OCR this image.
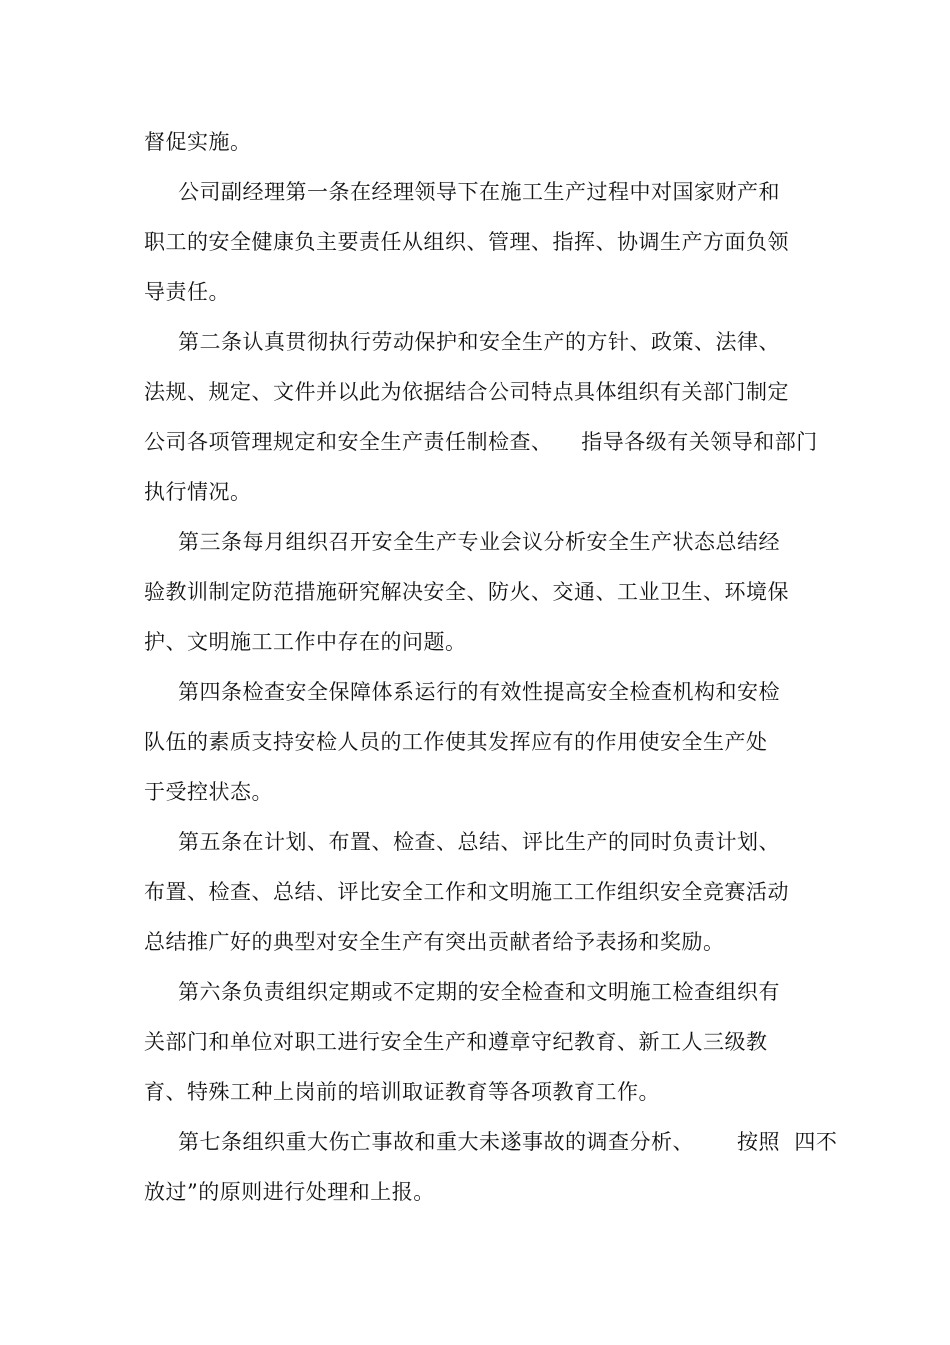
督促实施。
公司副经理第一条在经理领导下在施工生产过程中对国家财产和
职工的安全健康负主要责任从组织、管理、指挥、协调生产方面负领
导责任。
第二条认真贯彻执行劳动保护和安全生产的方针、政策、法律、
法规、规定、文件并以此为依据结合公司特点具体组织有关部门制定
公司各项管理规定和安全生产责任制检查、    指导各级有关领导和部门
执行情况。
第三条每月组织召开安全生产专业会议分析安全生产状态总结经
验教训制定防范措施研究解决安全、防火、交通、工业卫生、环境保
护、文明施工工作中存在的问题。
第四条检查安全保障体系运行的有效性提高安全检查机构和安检
队伍的素质支持安检人员的工作使其发挥应有的作用使安全生产处
于受控状态。
第五条在计划、布置、检查、总结、评比生产的同时负责计划、
布置、检查、总结、评比安全工作和文明施工工作组织安全竞赛活动
总结推广好的典型对安全生产有突出贡献者给予表扬和奖励。
第六条负责组织定期或不定期的安全检查和文明施工检查组织有
关部门和单位对职工进行安全生产和遵章守纪教育、新工人三级教
育、特殊工种上岗前的培训取证教育等各项教育工作。
第七条组织重大伤亡事故和重大未遂事故的调查分析、      按照  四不
放过”的原则进行处理和上报。
